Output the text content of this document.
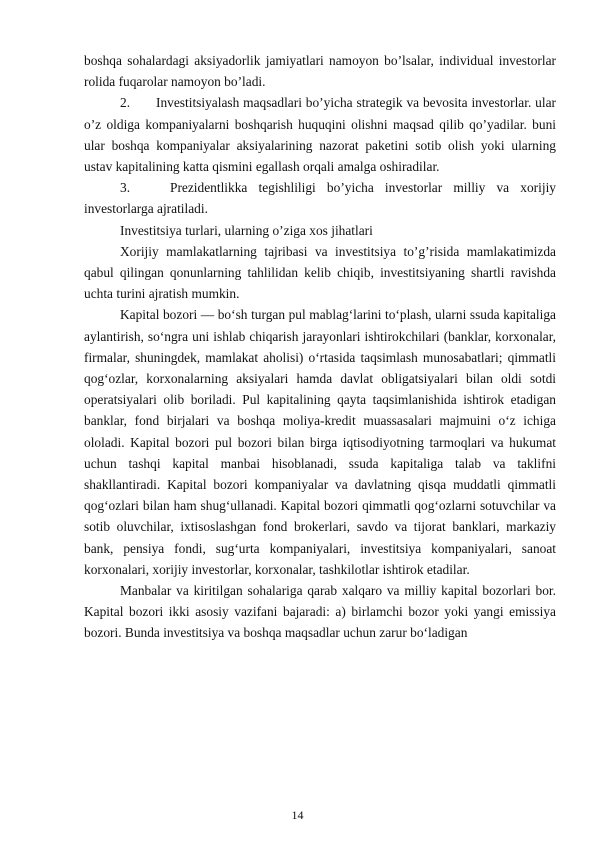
boshqa sohalardagi aksiyadorlik jamiyatlari namoyon bo’lsalar, individual investorlar rolida fuqarolar namoyon bo’ladi.

2. Investitsiyalash maqsadlari bo’yicha strategik va bevosita investorlar. ular o’z oldiga kompaniyalarni boshqarish huquqini olishni maqsad qilib qo’yadilar. buni ular boshqa kompaniyalar aksiyalarining nazorat paketini sotib olish yoki ularning ustav kapitalining katta qismini egallash orqali amalga oshiradilar.

3.	Prezidentlikka tegishliligi bo’yicha investorlar milliy va xorijiy investorlarga ajratiladi.

Investitsiya turlari, ularning o’ziga xos jihatlari

Xorijiy mamlakatlarning tajribasi va investitsiya to’g’risida mamlakatimizda qabul qilingan qonunlarning tahlilidan kelib chiqib, investitsiyaning shartli ravishda uchta turini ajratish mumkin.

Kapital bozori — bo‘sh turgan pul mablag‘larini to‘plash, ularni ssuda kapitaliga aylantirish, so‘ngra uni ishlab chiqarish jarayonlari ishtirokchilari (banklar, korxonalar, firmalar, shuningdek, mamlakat aholisi) o‘rtasida taqsimlash munosabatlari; qimmatli qog‘ozlar, korxonalarning aksiyalari hamda davlat obligatsiyalari bilan oldi sotdi operatsiyalari olib boriladi. Pul kapitalining qayta taqsimlanishida ishtirok etadigan banklar, fond birjalari va boshqa moliya-kredit muassasalari majmuini o‘z ichiga ololadi. Kapital bozori pul bozori bilan birga iqtisodiyotning tarmoqlari va hukumat uchun tashqi kapital manbai hisoblanadi, ssuda kapitaliga talab va taklifni shakllantiradi. Kapital bozori kompaniyalar va davlatning qisqa muddatli qimmatli qog‘ozlari bilan ham shug‘ullanadi. Kapital bozori qimmatli qog‘ozlarni sotuvchilar va sotib oluvchilar, ixtisoslashgan fond brokerlari, savdo va tijorat banklari, markaziy bank, pensiya fondi, sug‘urta kompaniyalari, investitsiya kompaniyalari, sanoat korxonalari, xorijiy investorlar, korxonalar, tashkilotlar ishtirok etadilar.

Manbalar va kiritilgan sohalariga qarab xalqaro va milliy kapital bozorlari bor. Kapital bozori ikki asosiy vazifani bajaradi: a) birlamchi bozor yoki yangi emissiya bozori. Bunda investitsiya va boshqa maqsadlar uchun zarur bo‘ladigan

14
